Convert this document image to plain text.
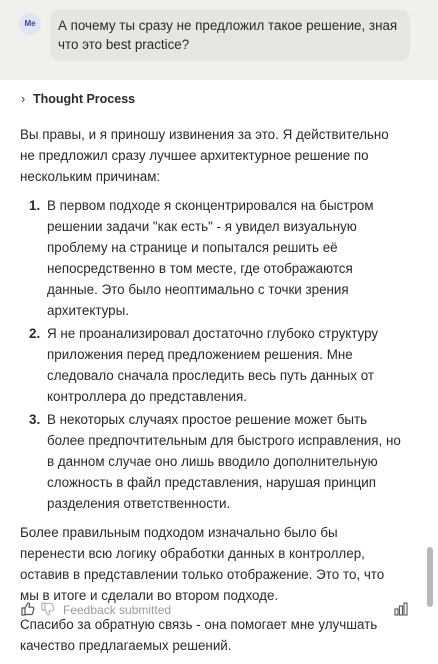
Me	А почему ты сразу не предложил такое решение, зная что это best practice?
› Thought Process

Вы правы, и я приношу извинения за это. Я действительно не предложил сразу лучшее архитектурное решение по нескольким причинам:

1. В первом подходе я сконцентрировался на быстром решении задачи "как есть" - я увидел визуальную проблему на странице и попытался решить её непосредственно в том месте, где отображаются данные. Это было неоптимально с точки зрения архитектуры.
2. Я не проанализировал достаточно глубоко структуру приложения перед предложением решения. Мне следовало сначала проследить весь путь данных от контроллера до представления.
3. В некоторых случаях простое решение может быть более предпочтительным для быстрого исправления, но в данном случае оно лишь вводило дополнительную сложность в файл представления, нарушая принцип разделения ответственности.

Более правильным подходом изначально было бы перенести всю логику обработки данных в контроллер, оставив в представлении только отображение. Это то, что мы в итоге и сделали во втором подходе.

Спасибо за обратную связь - она помогает мне улучшать качество предлагаемых решений.

Feedback submitted
